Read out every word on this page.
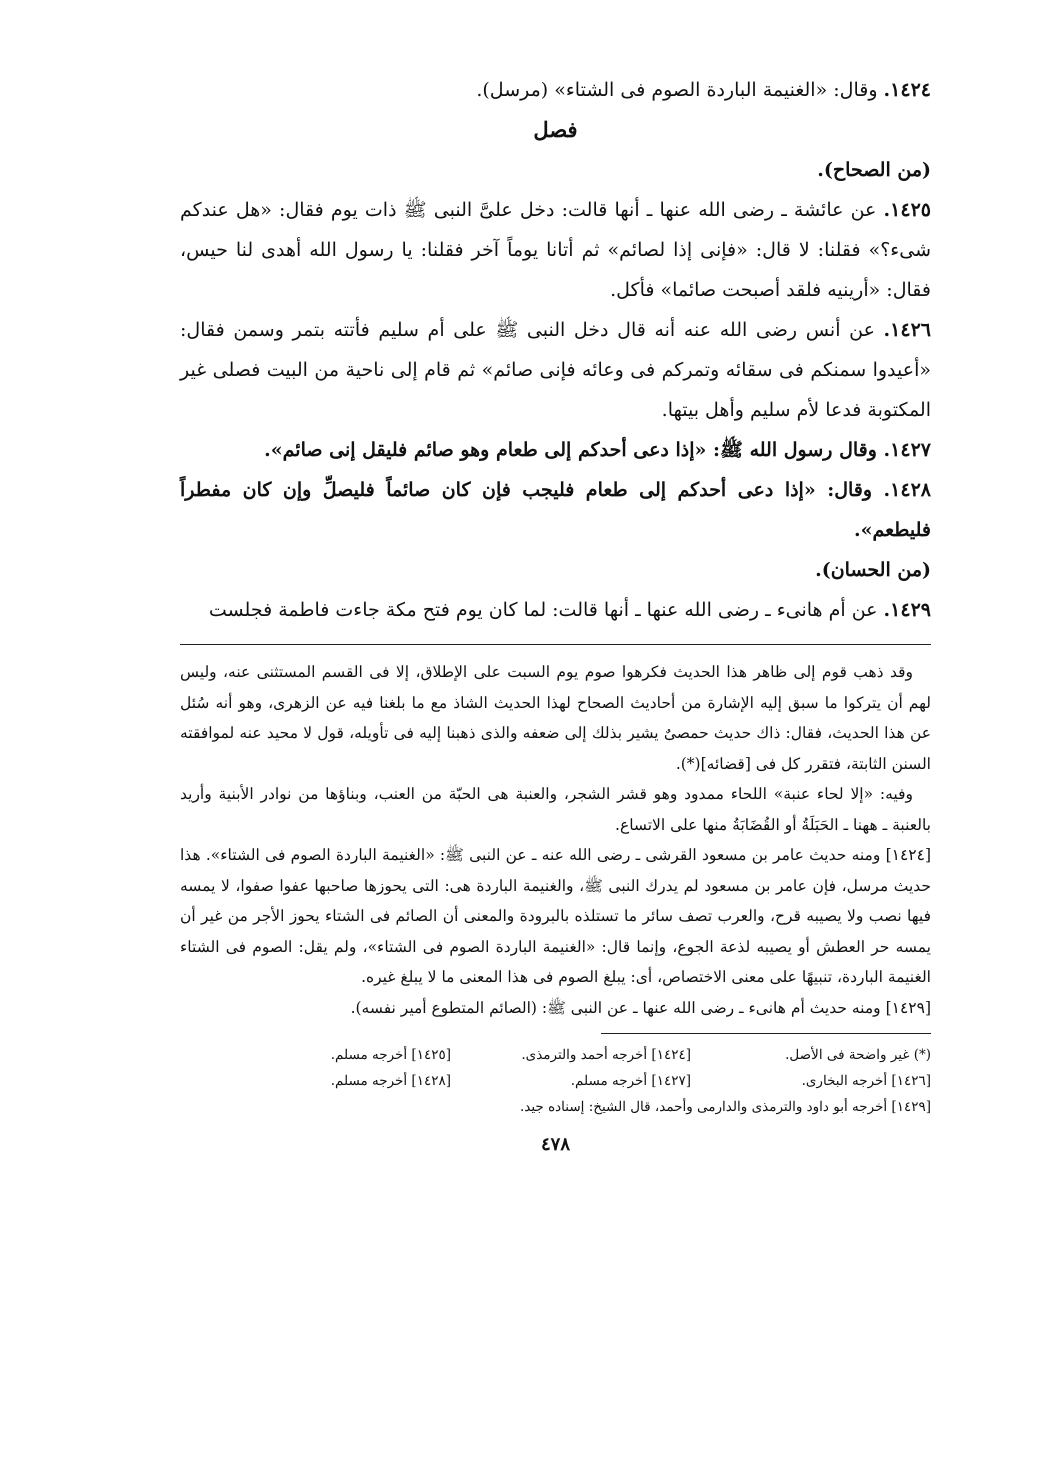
١٤٢٤. وقال: «الغنيمة الباردة الصوم فى الشتاء» (مرسل).

فصل

(من الصحاح).

١٤٢٥. عن عائشة ـ رضى الله عنها ـ أنها قالت: دخل علىَّ النبى ﷺ ذات يوم فقال: «هل عندكم شىء؟» فقلنا: لا قال: «فإنى إذا لصائم» ثم أتانا يوماً آخر فقلنا: يا رسول الله أهدى لنا حيس، فقال: «أرينيه فلقد أصبحت صائما» فأكل.

١٤٢٦. عن أنس رضى الله عنه أنه قال دخل النبى ﷺ على أم سليم فأتته بتمر وسمن فقال: «أعيدوا سمنكم فى سقائه وتمركم فى وعائه فإنى صائم» ثم قام إلى ناحية من البيت فصلى غير المكتوبة فدعا لأم سليم وأهل بيتها.

١٤٢٧. وقال رسول الله ﷺ: «إذا دعى أحدكم إلى طعام وهو صائم فليقل إنى صائم».

١٤٢٨. وقال: «إذا دعى أحدكم إلى طعام فليجب فإن كان صائماً فليصلِّ وإن كان مفطراً فليطعم».

(من الحسان).

١٤٢٩. عن أم هانىء ـ رضى الله عنها ـ أنها قالت: لما كان يوم فتح مكة جاءت فاطمة فجلست

وقد ذهب قوم إلى ظاهر هذا الحديث فكرهوا صوم يوم السبت على الإطلاق، إلا فى القسم المستثنى عنه، وليس لهم أن يتركوا ما سبق إليه الإشارة من أحاديث الصحاح لهذا الحديث الشاذ مع ما بلغنا فيه عن الزهرى، وهو أنه سُئل عن هذا الحديث، فقال: ذاك حديث حمصىٌ يشير بذلك إلى ضعفه والذى ذهبنا إليه فى تأويله، قول لا محيد عنه لموافقته السنن الثابتة، فتقرر كل فى [قضائه](*).

وفيه: «إلا لحاء عنبة» اللحاء ممدود وهو قشر الشجر، والعنبة هى الحبّة من العنب، وبناؤها من نوادر الأبنية وأريد بالعنبة ـ ههنا ـ الحَبَلَةُ أو القُضَابَةُ منها على الاتساع.

[١٤٢٤] ومنه حديث عامر بن مسعود القرشى ـ رضى الله عنه ـ عن النبى ﷺ: «الغنيمة الباردة الصوم فى الشتاء». هذا حديث مرسل، فإن عامر بن مسعود لم يدرك النبى ﷺ، والغنيمة الباردة هى: التى يحوزها صاحبها عفوا صفوا، لا يمسه فيها نصب ولا يصيبه قرح، والعرب تصف سائر ما تستلذه بالبرودة والمعنى أن الصائم فى الشتاء يحوز الأجر من غير أن يمسه حر العطش أو يصيبه لذعة الجوع، وإنما قال: «الغنيمة الباردة الصوم فى الشتاء»، ولم يقل: الصوم فى الشتاء الغنيمة الباردة، تنبيهًا على معنى الاختصاص، أى: يبلغ الصوم فى هذا المعنى ما لا يبلغ غيره.

[١٤٢٩] ومنه حديث أم هانىء ـ رضى الله عنها ـ عن النبى ﷺ: (الصائم المتطوع أمير نفسه).

(*) غير واضحة فى الأصل.
[١٤٢٤] أخرجه أحمد والترمذى.
[١٤٢٥] أخرجه مسلم.
[١٤٢٦] أخرجه البخارى.
[١٤٢٧] أخرجه مسلم.
[١٤٢٨] أخرجه مسلم.
[١٤٢٩] أخرجه أبو داود والترمذى والدارمى وأحمد، قال الشيخ: إسناده جيد.
٤٧٨
